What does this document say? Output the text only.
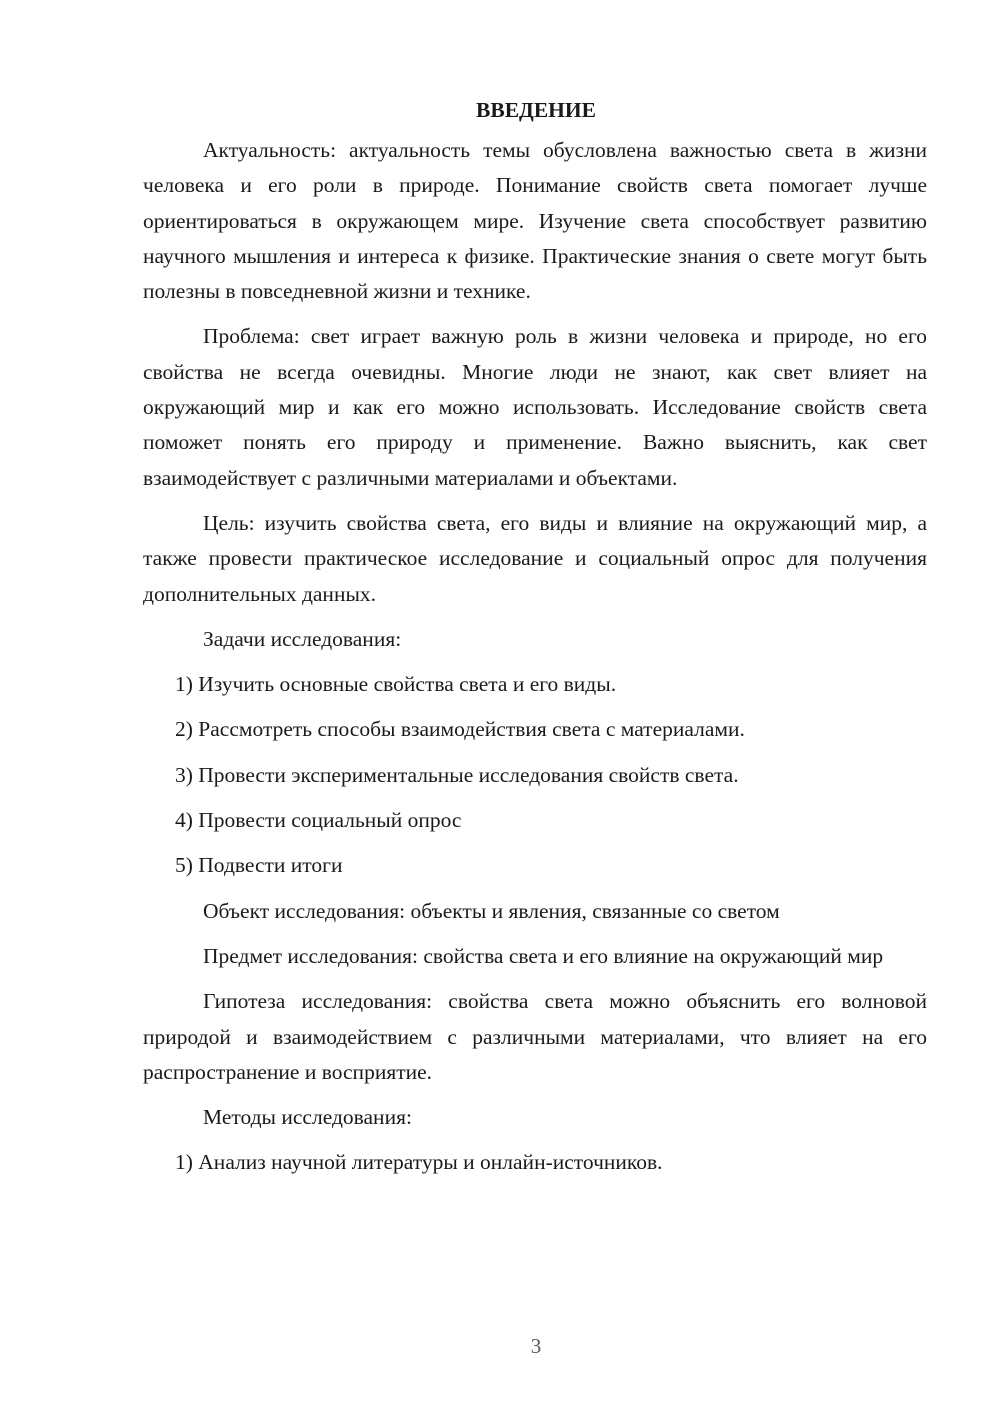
ВВЕДЕНИЕ

Актуальность: актуальность темы обусловлена важностью света в жизни человека и его роли в природе. Понимание свойств света помогает лучше ориентироваться в окружающем мире. Изучение света способствует развитию научного мышления и интереса к физике. Практические знания о свете могут быть полезны в повседневной жизни и технике.

Проблема: свет играет важную роль в жизни человека и природе, но его свойства не всегда очевидны. Многие люди не знают, как свет влияет на окружающий мир и как его можно использовать. Исследование свойств света поможет понять его природу и применение. Важно выяснить, как свет взаимодействует с различными материалами и объектами.

Цель: изучить свойства света, его виды и влияние на окружающий мир, а также провести практическое исследование и социальный опрос для получения дополнительных данных.

Задачи исследования:

1) Изучить основные свойства света и его виды.
2) Рассмотреть способы взаимодействия света с материалами.
3) Провести экспериментальные исследования свойств света.
4) Провести социальный опрос
5) Подвести итоги

Объект исследования: объекты и явления, связанные со светом

Предмет исследования: свойства света и его влияние на окружающий мир

Гипотеза исследования: свойства света можно объяснить его волновой природой и взаимодействием с различными материалами, что влияет на его распространение и восприятие.

Методы исследования:

1) Анализ научной литературы и онлайн-источников.
3
